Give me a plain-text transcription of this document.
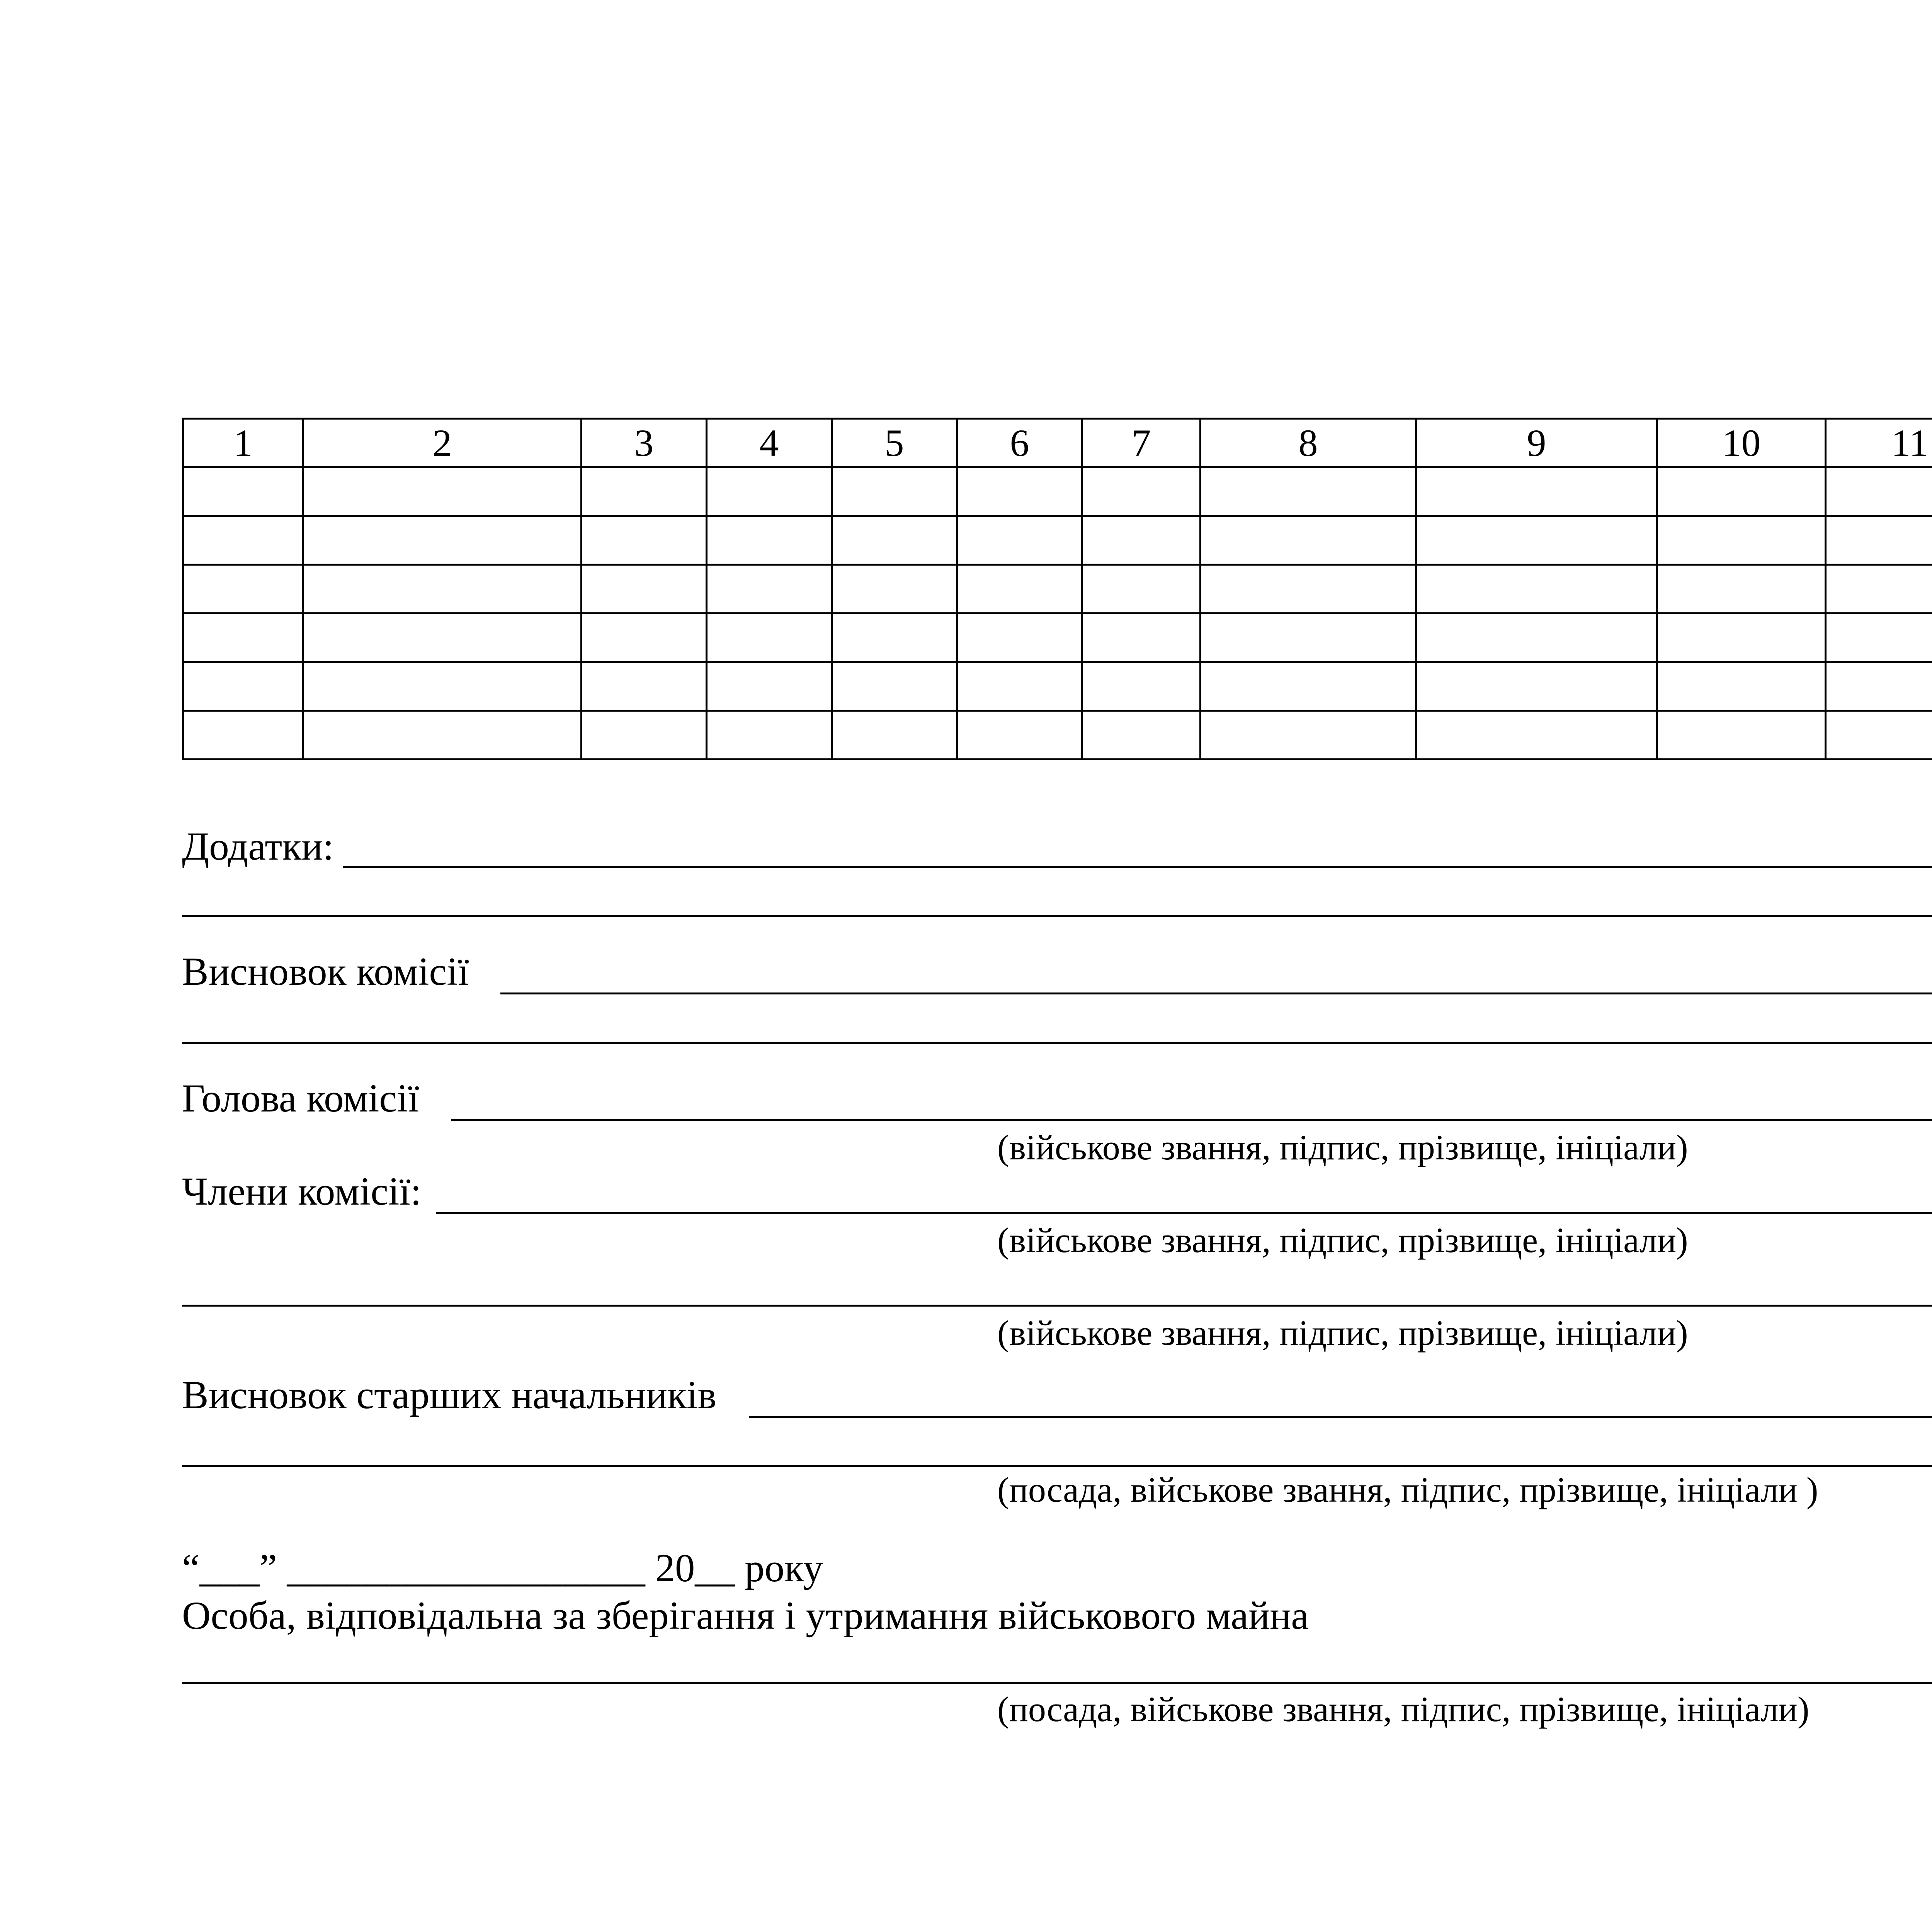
1	2	3	4	5	6	7	8	9	10	11			

Додатки:
Висновок комісії
Голова комісії
(військове звання, підпис, прізвище, ініціали)
Члени комісії:
(військове звання, підпис, прізвище, ініціали)
(військове звання, підпис, прізвище, ініціали)
Висновок старших начальників
(посада, військове звання, підпис, прізвище, ініціали )
“___” __________________ 20__ року
Особа, відповідальна за зберігання і утримання військового майна
(посада, військове звання, підпис, прізвище, ініціали)
